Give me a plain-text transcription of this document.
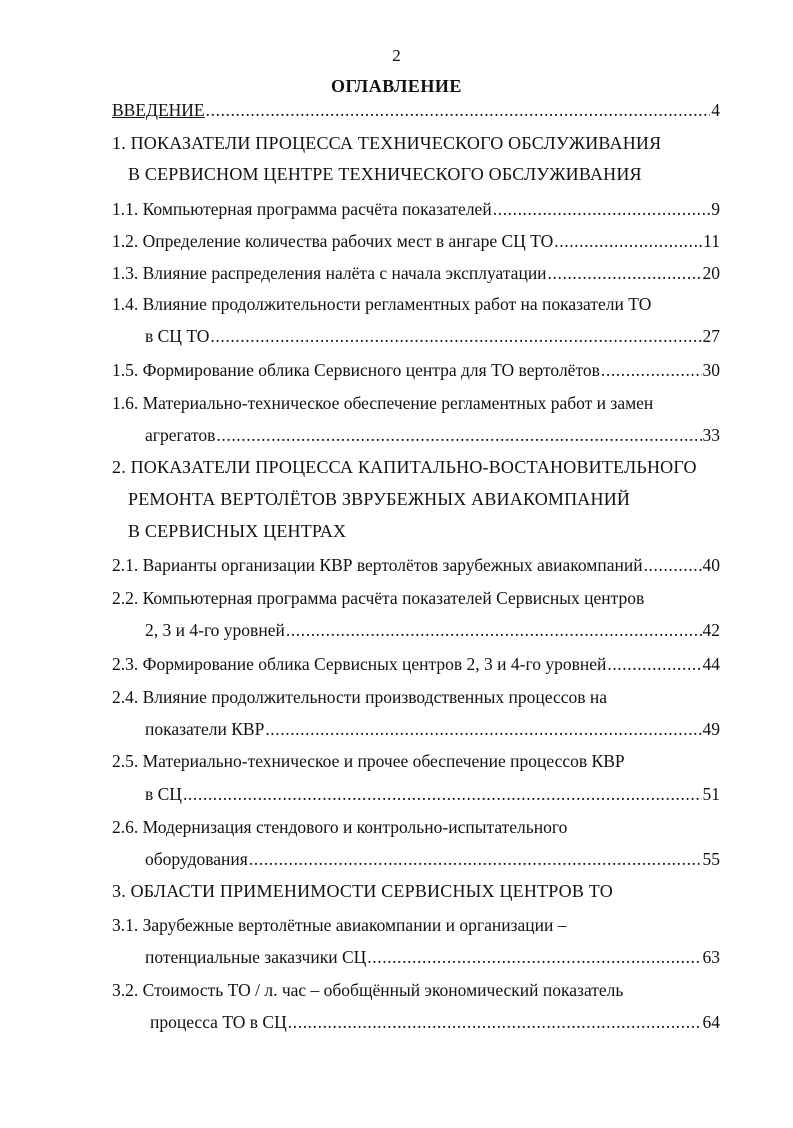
2
ОГЛАВЛЕНИЕ
ВВЕДЕНИЕ .....	4
1. ПОКАЗАТЕЛИ ПРОЦЕССА ТЕХНИЧЕСКОГО ОБСЛУЖИВАНИЯ
В СЕРВИСНОМ ЦЕНТРЕ ТЕХНИЧЕСКОГО ОБСЛУЖИВАНИЯ
1.1. Компьютерная программа расчёта показателей .....	9
1.2. Определение количества рабочих мест в ангаре СЦ ТО .....	11
1.3. Влияние распределения налёта с начала эксплуатации .....	20
1.4. Влияние продолжительности регламентных работ на показатели ТО
в СЦ ТО .....	27
1.5. Формирование облика Сервисного центра для ТО вертолётов .....	30
1.6. Материально-техническое обеспечение регламентных работ и замен
агрегатов .....	33
2. ПОКАЗАТЕЛИ ПРОЦЕССА КАПИТАЛЬНО-ВОСТАНОВИТЕЛЬНОГО
РЕМОНТА ВЕРТОЛЁТОВ ЗВРУБЕЖНЫХ АВИАКОМПАНИЙ
В СЕРВИСНЫХ ЦЕНТРАХ
2.1. Варианты организации КВР вертолётов зарубежных авиакомпаний .....	40
2.2. Компьютерная программа расчёта показателей Сервисных центров
2, 3 и 4-го уровней .....	42
2.3. Формирование облика Сервисных центров 2, 3 и 4-го уровней .....	44
2.4. Влияние продолжительности производственных процессов на
показатели КВР .....	49
2.5. Материально-техническое и прочее обеспечение процессов КВР
в СЦ .....	51
2.6. Модернизация стендового и контрольно-испытательного
оборудования .....	55
3. ОБЛАСТИ ПРИМЕНИМОСТИ СЕРВИСНЫХ ЦЕНТРОВ ТО
3.1. Зарубежные вертолётные авиакомпании и организации –
потенциальные заказчики СЦ .....	63
3.2. Стоимость ТО / л. час – обобщённый экономический показатель
процесса ТО в СЦ .....	64
